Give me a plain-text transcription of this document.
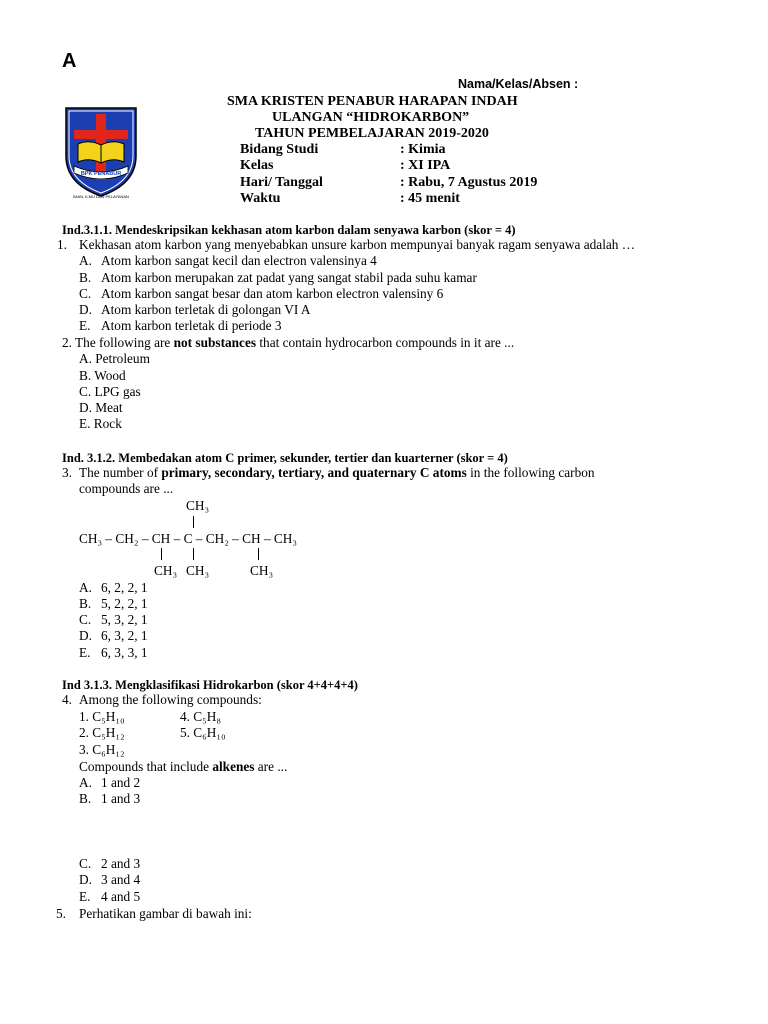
A
Nama/Kelas/Absen :
BPK PENABUR
IMAN, ILMU DAN PELAYANAN
SMA KRISTEN PENABUR HARAPAN INDAH
ULANGAN “HIDROKARBON”
TAHUN PEMBELAJARAN 2019-2020
Bidang Studi	: Kimia
Kelas	: XI IPA
Hari/ Tanggal	: Rabu, 7 Agustus 2019
Waktu	: 45 menit
Ind.3.1.1. Mendeskripsikan kekhasan atom karbon dalam senyawa karbon (skor = 4)
1. Kekhasan atom karbon yang menyebabkan unsure karbon mempunyai banyak ragam senyawa adalah …
A. Atom karbon sangat kecil dan electron valensinya 4
B. Atom karbon merupakan zat padat yang sangat stabil pada suhu kamar
C. Atom karbon sangat besar dan atom karbon electron valensiny 6
D. Atom karbon terletak di golongan VI A
E. Atom karbon terletak di periode 3
2. The following are not substances that contain hydrocarbon compounds in it are ...
A. Petroleum
B. Wood
C. LPG gas
D. Meat
E. Rock
Ind. 3.1.2. Membedakan atom C primer, sekunder, tertier dan kuarterner (skor = 4)
3. The number of primary, secondary, tertiary, and quaternary C atoms in the following carbon
compounds are ...
CH₃
CH₃ – CH₂ – CH – C – CH₂ – CH – CH₃
CH₃ CH₃	CH₃
A. 6, 2, 2, 1
B. 5, 2, 2, 1
C. 5, 3, 2, 1
D. 6, 3, 2, 1
E. 6, 3, 3, 1
Ind 3.1.3. Mengklasifikasi Hidrokarbon (skor 4+4+4+4)
4. Among the following compounds:
1. C₅H₁₀	4. C₅H₈
2. C₅H₁₂	5. C₆H₁₀
3. C₆H₁₂
Compounds that include alkenes are ...
A. 1 and 2
B. 1 and 3
C. 2 and 3
D. 3 and 4
E. 4 and 5
5. Perhatikan gambar di bawah ini:
